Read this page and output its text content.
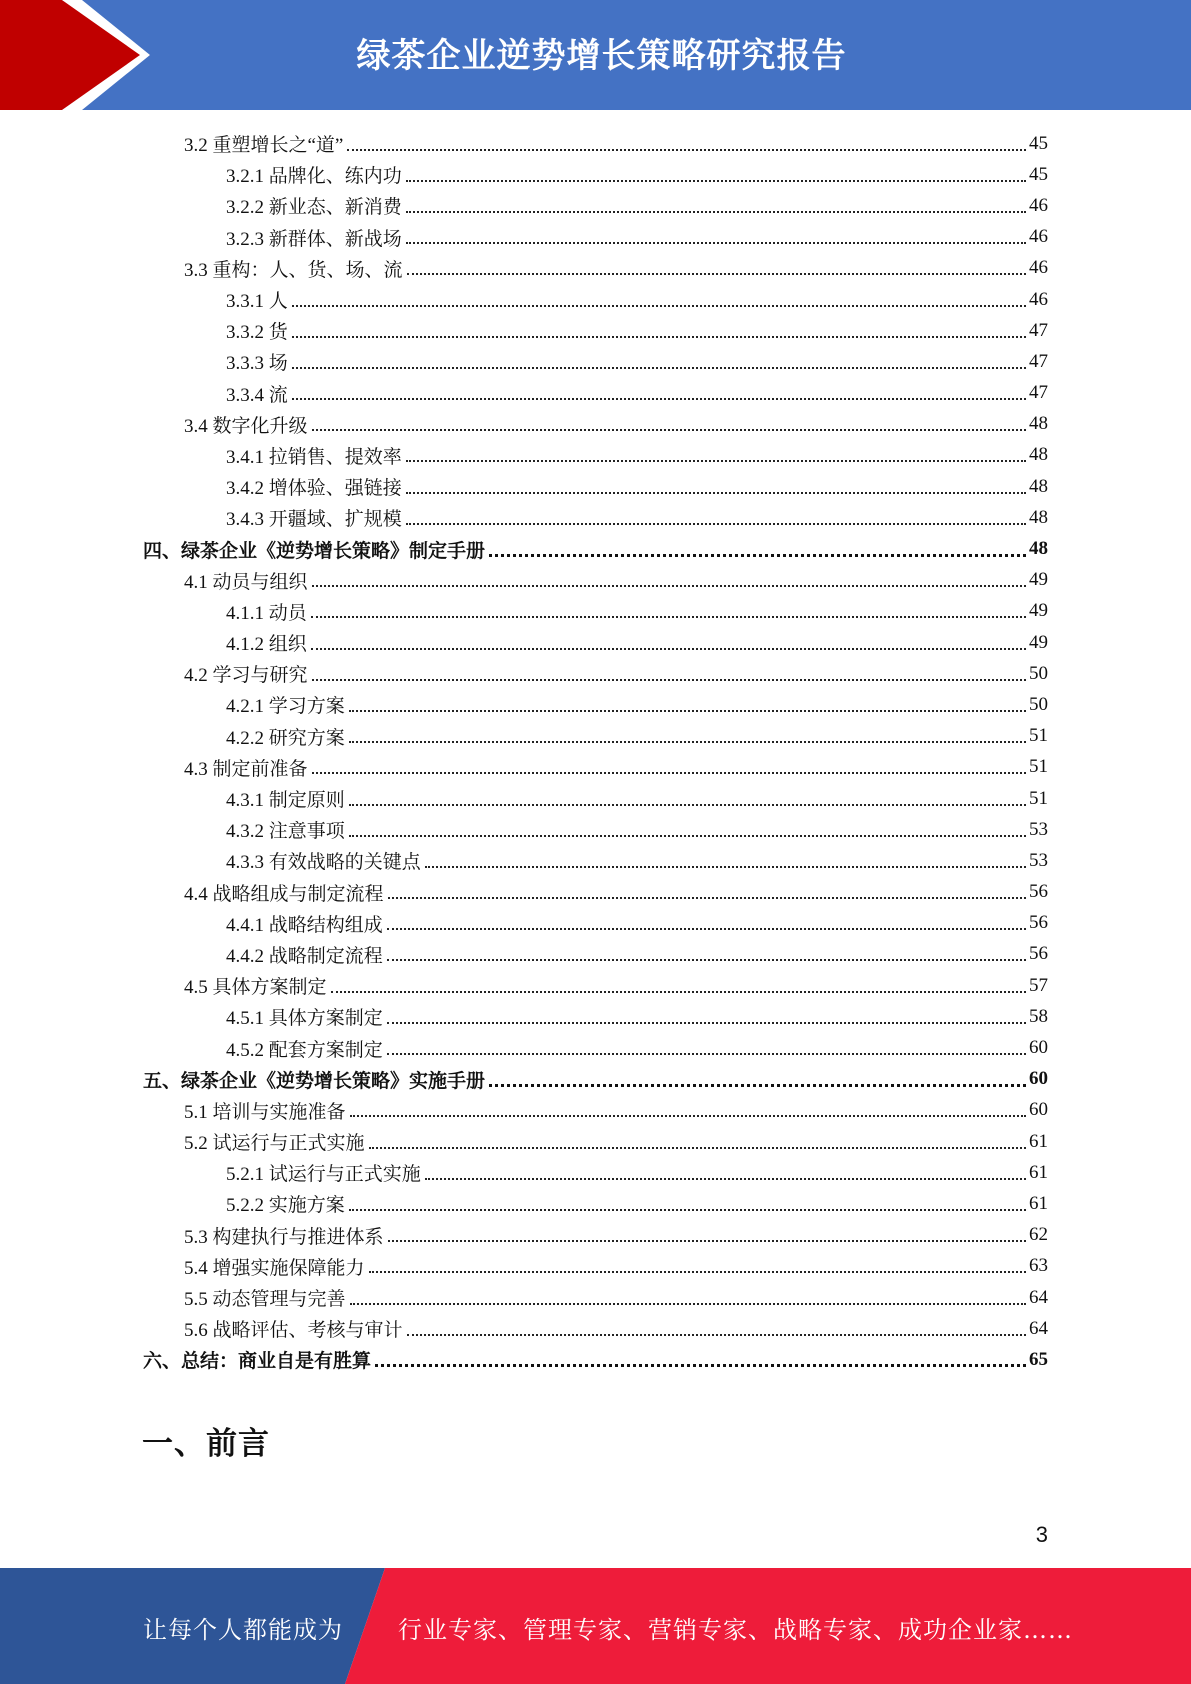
绿茶企业逆势增长策略研究报告
3.2 重塑增长之“道”	45
3.2.1 品牌化、练内功	45
3.2.2 新业态、新消费	46
3.2.3 新群体、新战场	46
3.3 重构：人、货、场、流	46
3.3.1 人	46
3.3.2 货	47
3.3.3 场	47
3.3.4 流	47
3.4 数字化升级	48
3.4.1 拉销售、提效率	48
3.4.2 增体验、强链接	48
3.4.3 开疆域、扩规模	48
四、绿茶企业《逆势增长策略》制定手册	48
4.1 动员与组织	49
4.1.1 动员	49
4.1.2 组织	49
4.2 学习与研究	50
4.2.1 学习方案	50
4.2.2 研究方案	51
4.3 制定前准备	51
4.3.1 制定原则	51
4.3.2 注意事项	53
4.3.3 有效战略的关键点	53
4.4 战略组成与制定流程	56
4.4.1 战略结构组成	56
4.4.2 战略制定流程	56
4.5 具体方案制定	57
4.5.1 具体方案制定	58
4.5.2 配套方案制定	60
五、绿茶企业《逆势增长策略》实施手册	60
5.1 培训与实施准备	60
5.2 试运行与正式实施	61
5.2.1 试运行与正式实施	61
5.2.2 实施方案	61
5.3 构建执行与推进体系	62
5.4 增强实施保障能力	63
5.5 动态管理与完善	64
5.6 战略评估、考核与审计	64
六、总结：商业自是有胜算	65
一、前言
3
让每个人都能成为 行业专家、管理专家、营销专家、战略专家、成功企业家……
